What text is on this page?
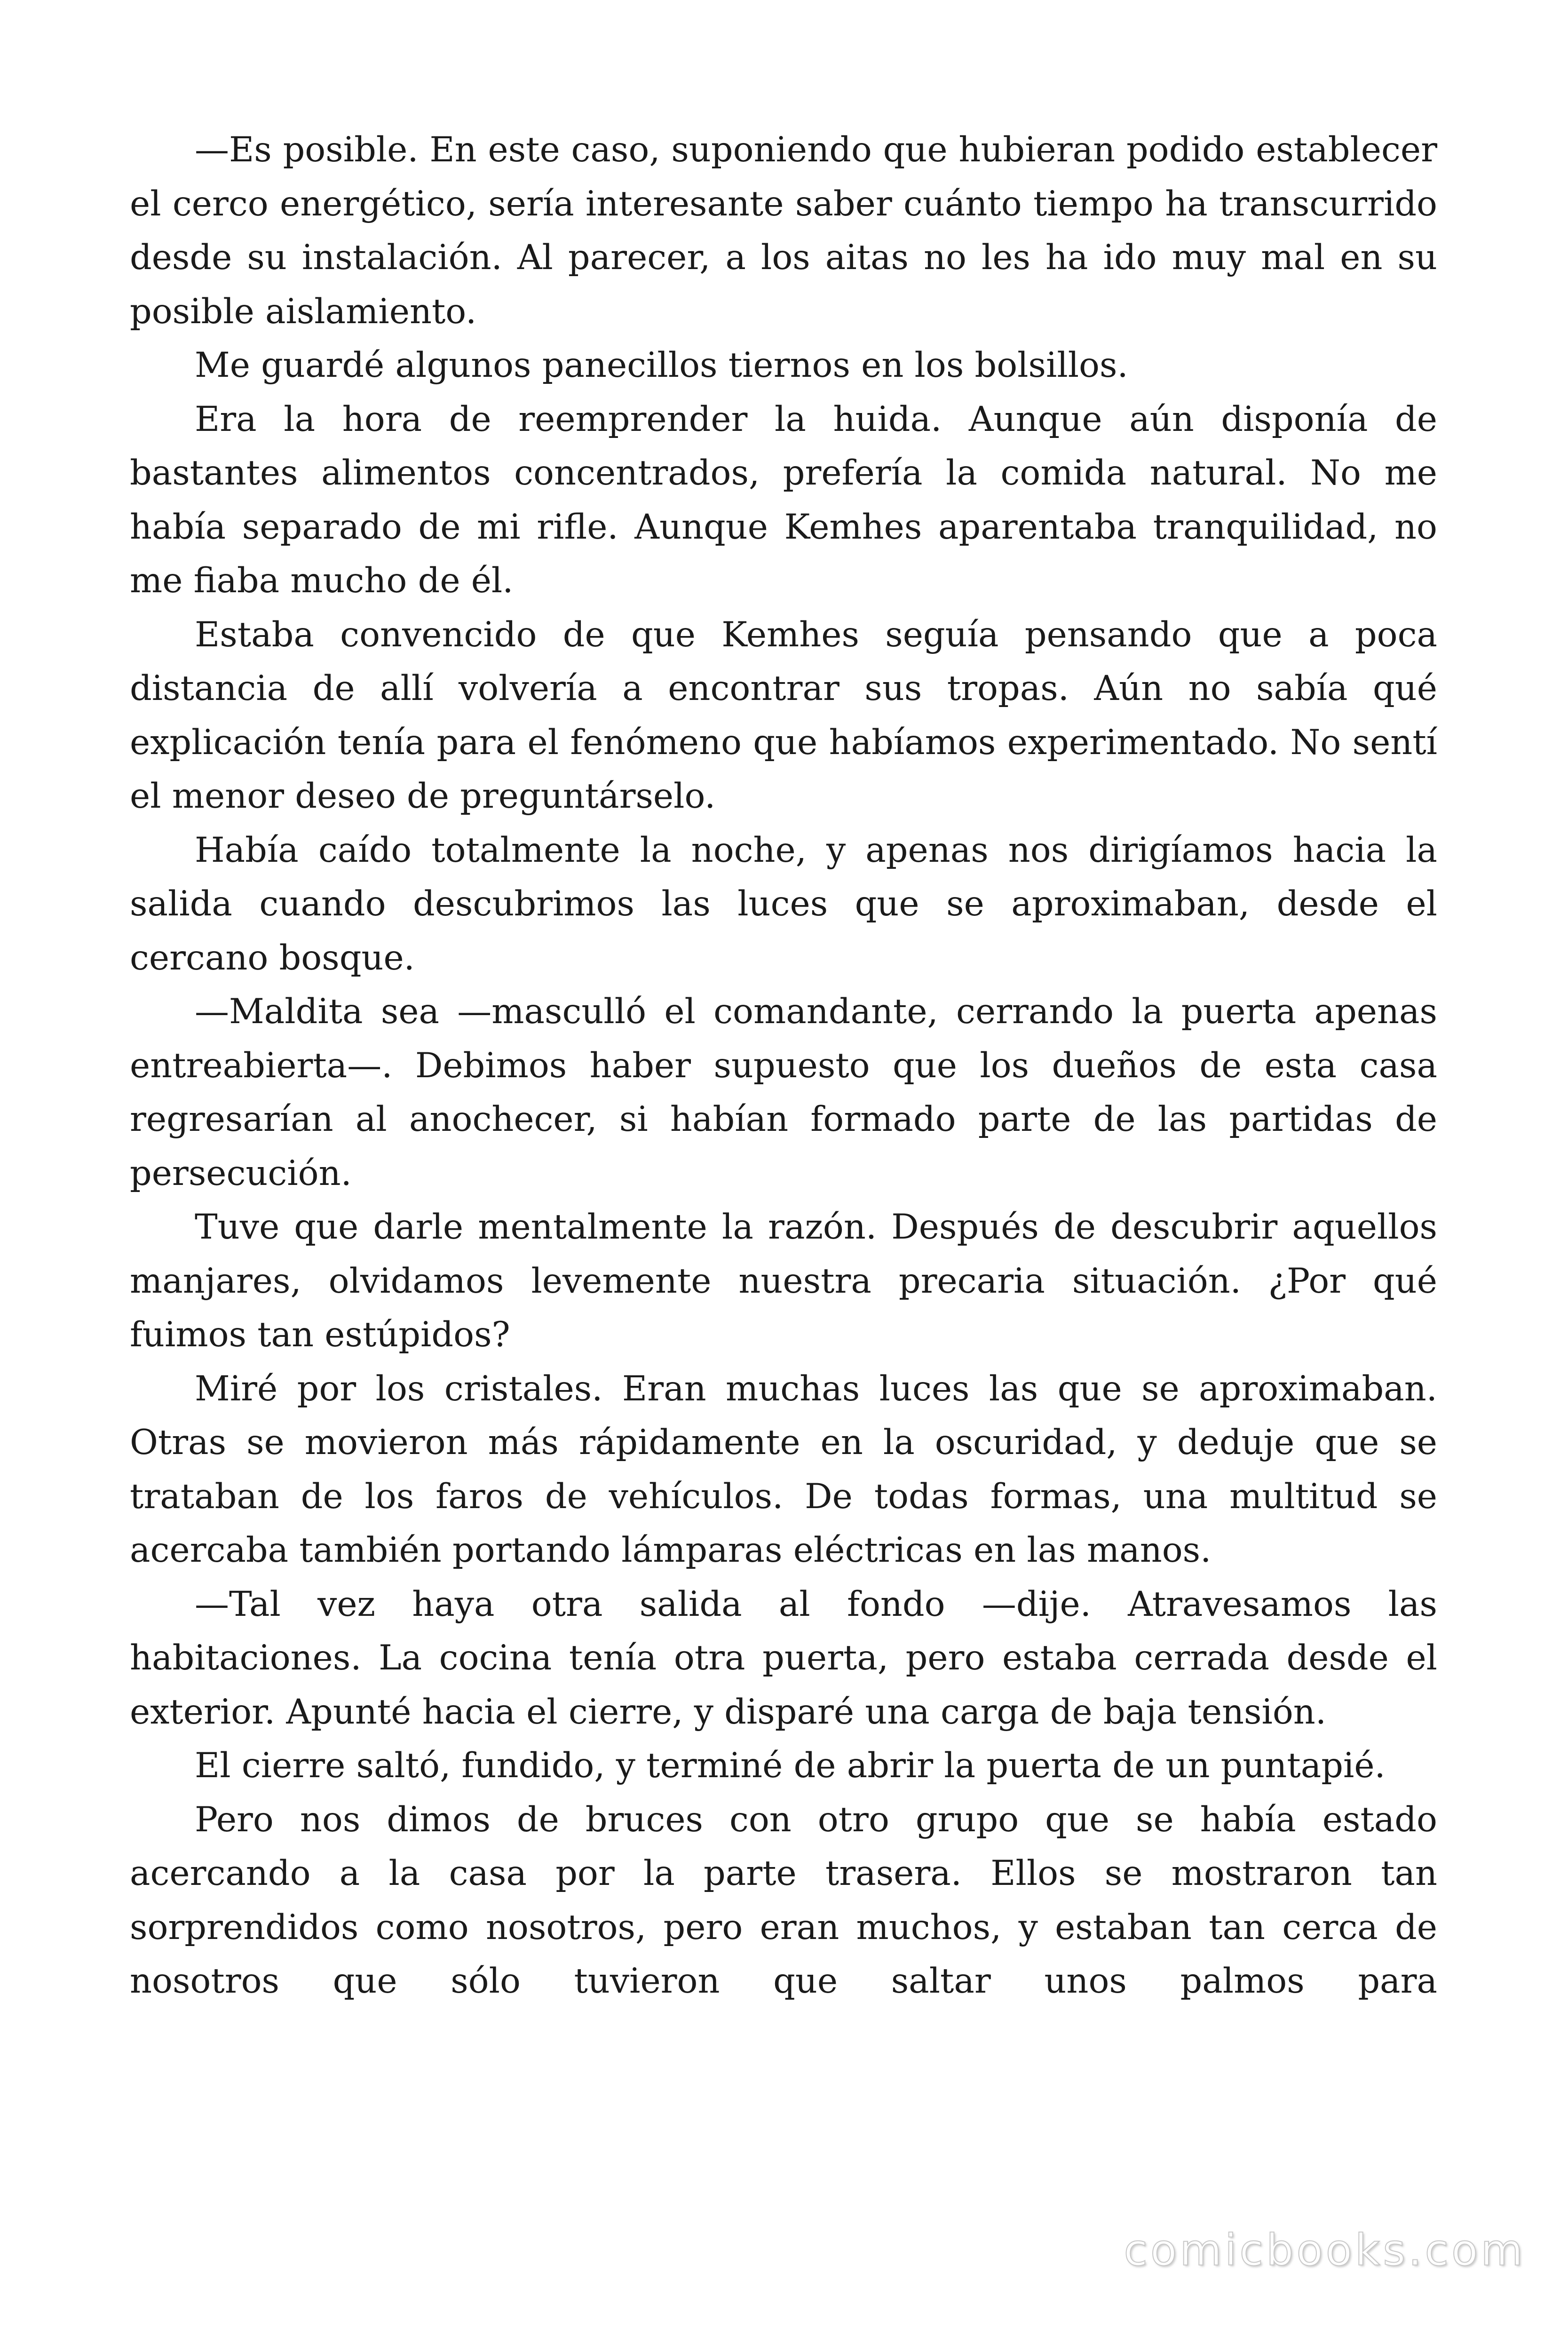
—Es posible. En este caso, suponiendo que hubieran podido establecer el cerco energético, sería interesante saber cuánto tiempo ha transcurrido desde su instalación. Al parecer, a los aitas no les ha ido muy mal en su posible aislamiento.

Me guardé algunos panecillos tiernos en los bolsillos.

Era la hora de reemprender la huida. Aunque aún disponía de bastantes alimentos concentrados, prefería la comida natural. No me había separado de mi rifle. Aunque Kemhes aparentaba tranquilidad, no me fiaba mucho de él.

Estaba convencido de que Kemhes seguía pensando que a poca distancia de allí volvería a encontrar sus tropas. Aún no sabía qué explicación tenía para el fenómeno que habíamos experimentado. No sentí el menor deseo de preguntárselo.

Había caído totalmente la noche, y apenas nos dirigíamos hacia la salida cuando descubrimos las luces que se aproximaban, desde el cercano bosque.

—Maldita sea —masculló el comandante, cerrando la puerta apenas entreabierta—. Debimos haber supuesto que los dueños de esta casa regresarían al anochecer, si habían formado parte de las partidas de persecución.

Tuve que darle mentalmente la razón. Después de descubrir aquellos manjares, olvidamos levemente nuestra precaria situación. ¿Por qué fuimos tan estúpidos?

Miré por los cristales. Eran muchas luces las que se aproximaban. Otras se movieron más rápidamente en la oscuridad, y deduje que se trataban de los faros de vehículos. De todas formas, una multitud se acercaba también portando lámparas eléctricas en las manos.

—Tal vez haya otra salida al fondo —dije. Atravesamos las habitaciones. La cocina tenía otra puerta, pero estaba cerrada desde el exterior. Apunté hacia el cierre, y disparé una carga de baja tensión.

El cierre saltó, fundido, y terminé de abrir la puerta de un puntapié.

Pero nos dimos de bruces con otro grupo que se había estado acercando a la casa por la parte trasera. Ellos se mostraron tan sorprendidos como nosotros, pero eran muchos, y estaban tan cerca de nosotros que sólo tuvieron que saltar unos palmos para

comicbooks.com
